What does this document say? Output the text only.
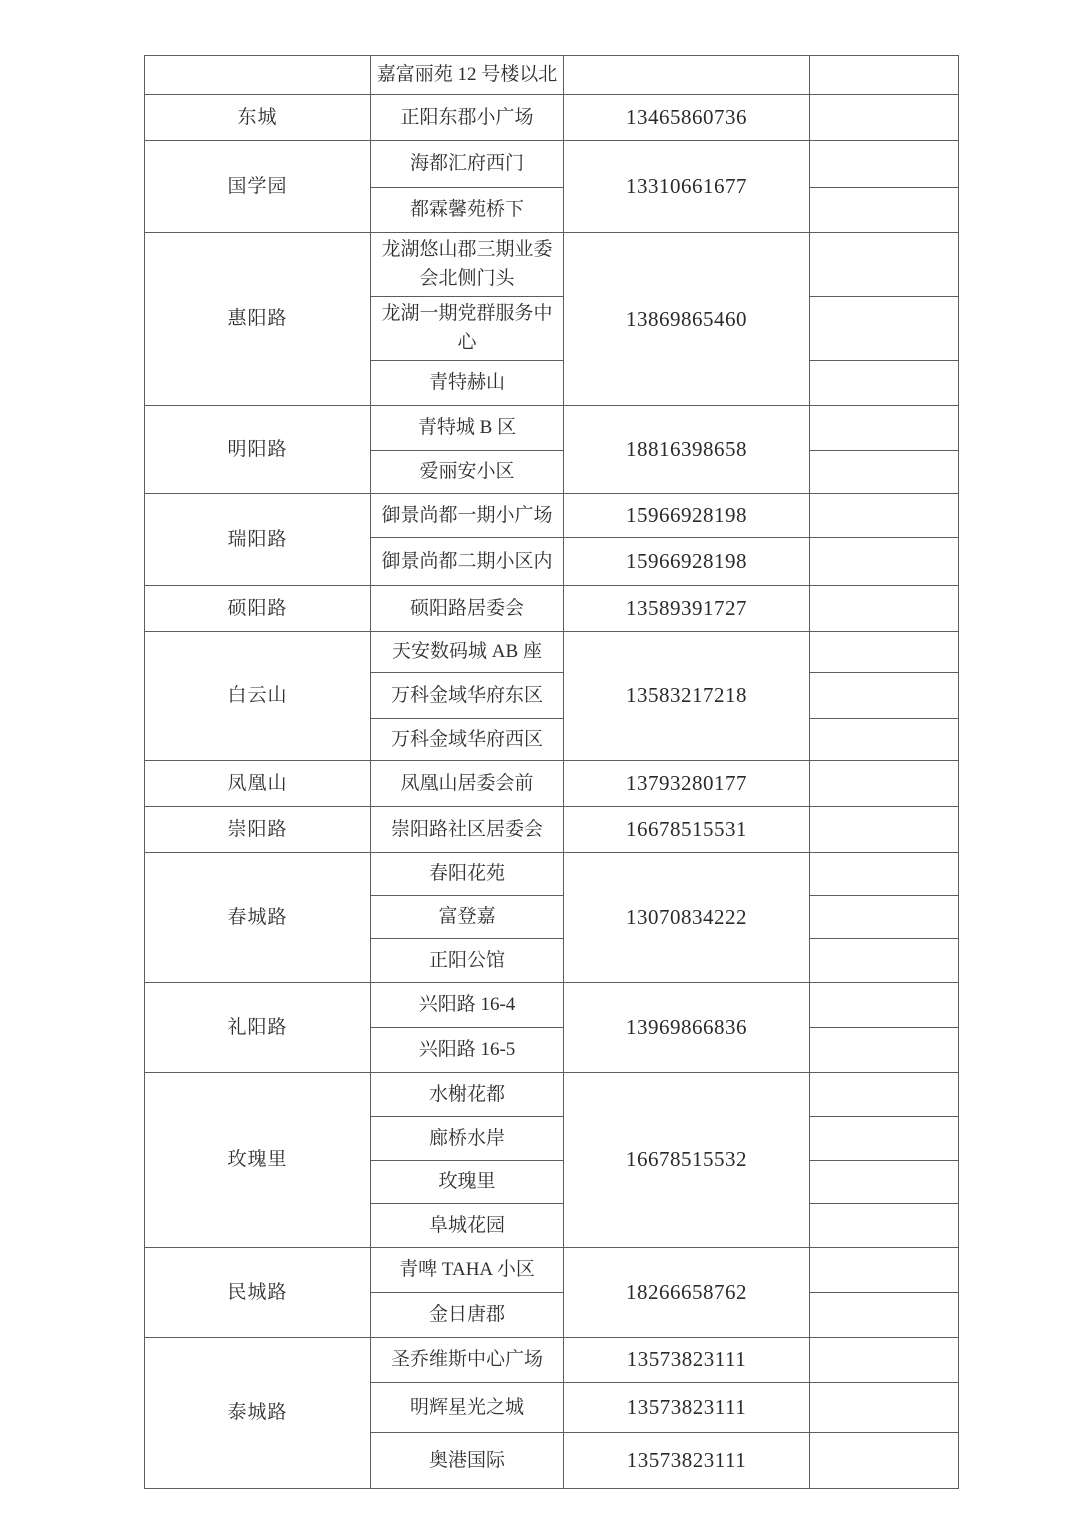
	嘉富丽苑 12 号楼以北		
东城	正阳东郡小广场	13465860736	
国学园	海都汇府西门	13310661677	
	都霖馨苑桥下		
惠阳路	龙湖悠山郡三期业委会北侧门头	13869865460	
	龙湖一期党群服务中心		
	青特赫山		
明阳路	青特城 B 区	18816398658	
	爱丽安小区		
瑞阳路	御景尚都一期小广场	15966928198	
	御景尚都二期小区内	15966928198	
硕阳路	硕阳路居委会	13589391727	
白云山	天安数码城 AB 座	13583217218	
	万科金域华府东区		
	万科金域华府西区		
凤凰山	凤凰山居委会前	13793280177	
崇阳路	崇阳路社区居委会	16678515531	
春城路	春阳花苑	13070834222	
	富登嘉		
	正阳公馆		
礼阳路	兴阳路 16-4	13969866836	
	兴阳路 16-5		
玫瑰里	水榭花都	16678515532	
	廊桥水岸		
	玫瑰里		
	阜城花园		
民城路	青啤 TAHA 小区	18266658762	
	金日唐郡		
泰城路	圣乔维斯中心广场	13573823111	
	明辉星光之城	13573823111	
	奥港国际	13573823111	
